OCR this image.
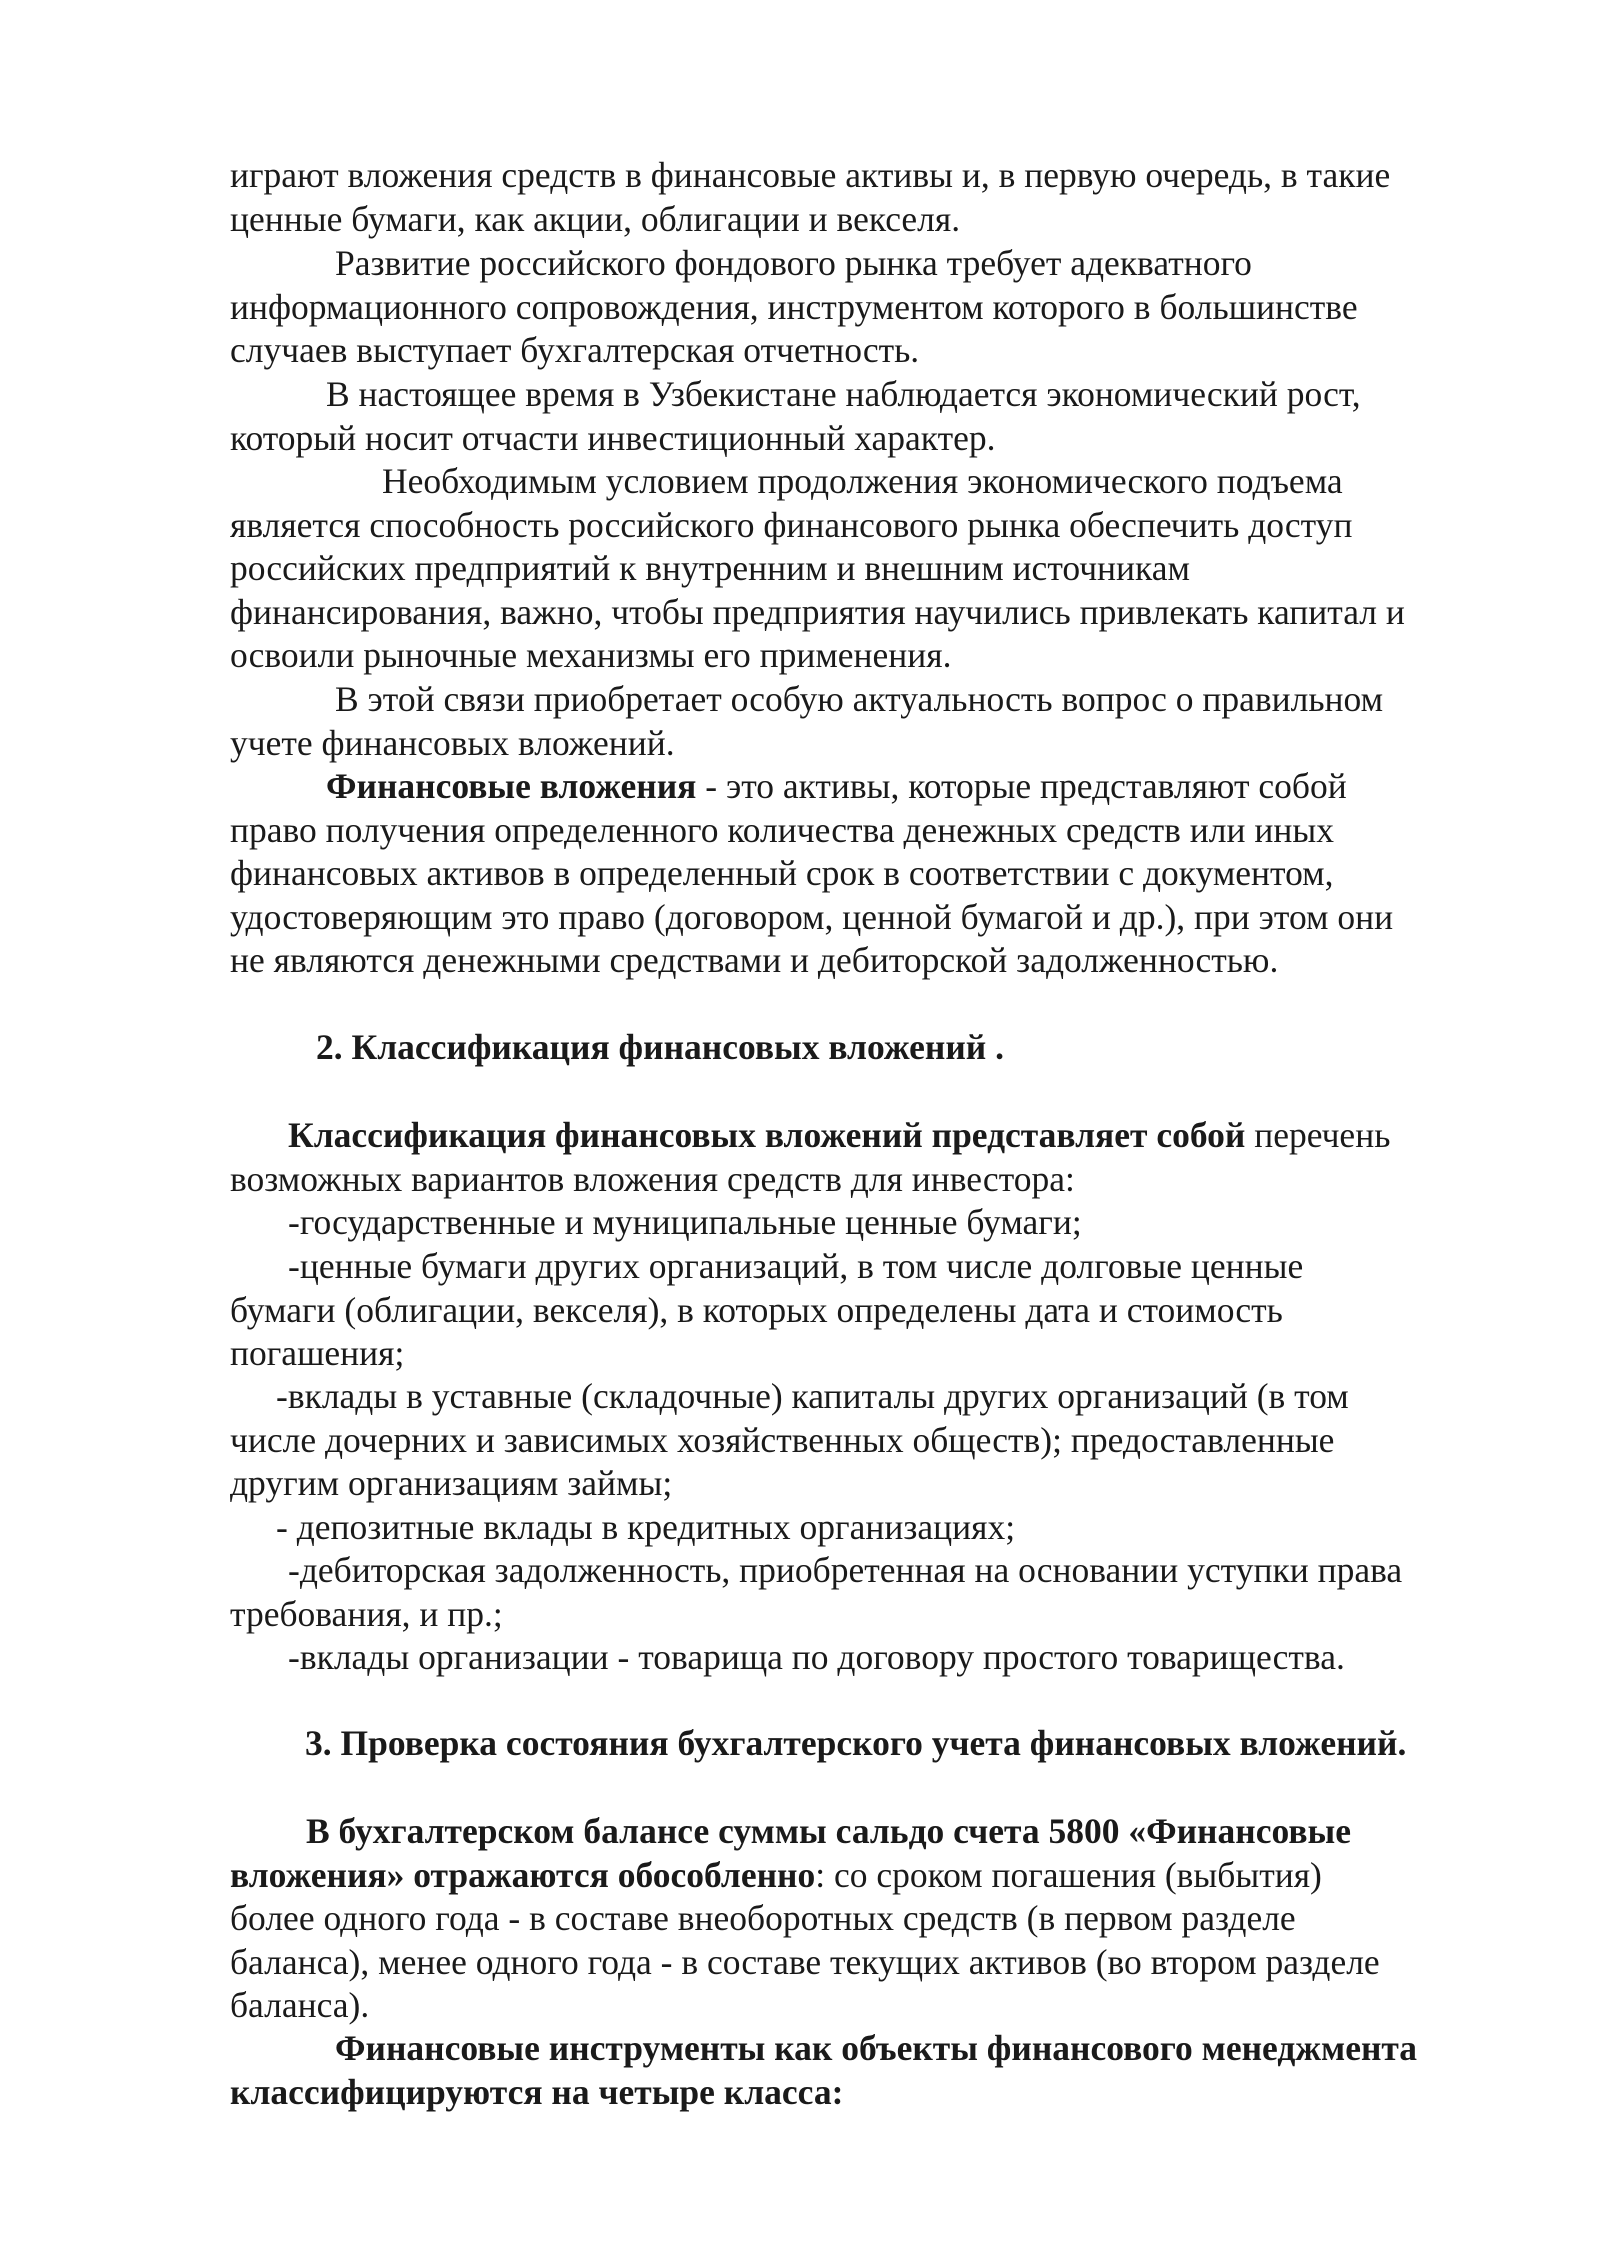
играют вложения средств в финансовые активы и, в первую очередь, в такие
ценные бумаги, как акции, облигации и векселя.

Развитие российского фондового рынка требует адекватного
информационного сопровождения, инструментом которого в большинстве
случаев выступает бухгалтерская отчетность.

В настоящее время в Узбекистане наблюдается экономический рост,
который носит отчасти инвестиционный характер.

Необходимым условием продолжения экономического подъема
является способность российского финансового рынка обеспечить доступ
российских предприятий к внутренним и внешним источникам
финансирования, важно, чтобы предприятия научились привлекать капитал и
освоили рыночные механизмы его применения.

В этой связи приобретает особую актуальность вопрос о правильном
учете финансовых вложений.

Финансовые вложения - это активы, которые представляют собой
право получения определенного количества денежных средств или иных
финансовых активов в определенный срок в соответствии с документом,
удостоверяющим это право (договором, ценной бумагой и др.), при этом они
не являются денежными средствами и дебиторской задолженностью.

2. Классификация финансовых вложений .

Классификация финансовых вложений представляет собой перечень
возможных вариантов вложения средств для инвестора:

-государственные и муниципальные ценные бумаги;

-ценные бумаги других организаций, в том числе долговые ценные
бумаги (облигации, векселя), в которых определены дата и стоимость
погашения;

-вклады в уставные (складочные) капиталы других организаций (в том
числе дочерних и зависимых хозяйственных обществ); предоставленные
другим организациям займы;

- депозитные вклады в кредитных организациях;

-дебиторская задолженность, приобретенная на основании уступки права
требования, и пр.;

-вклады организации - товарища по договору простого товарищества.

3. Проверка состояния бухгалтерского учета финансовых вложений.

В бухгалтерском балансе суммы сальдо счета 5800 «Финансовые
вложения» отражаются обособленно: со сроком погашения (выбытия)
более одного года - в составе внеоборотных средств (в первом разделе
баланса), менее одного года - в составе текущих активов (во втором разделе
баланса).

Финансовые инструменты как объекты финансового менеджмента
классифицируются на четыре класса:
